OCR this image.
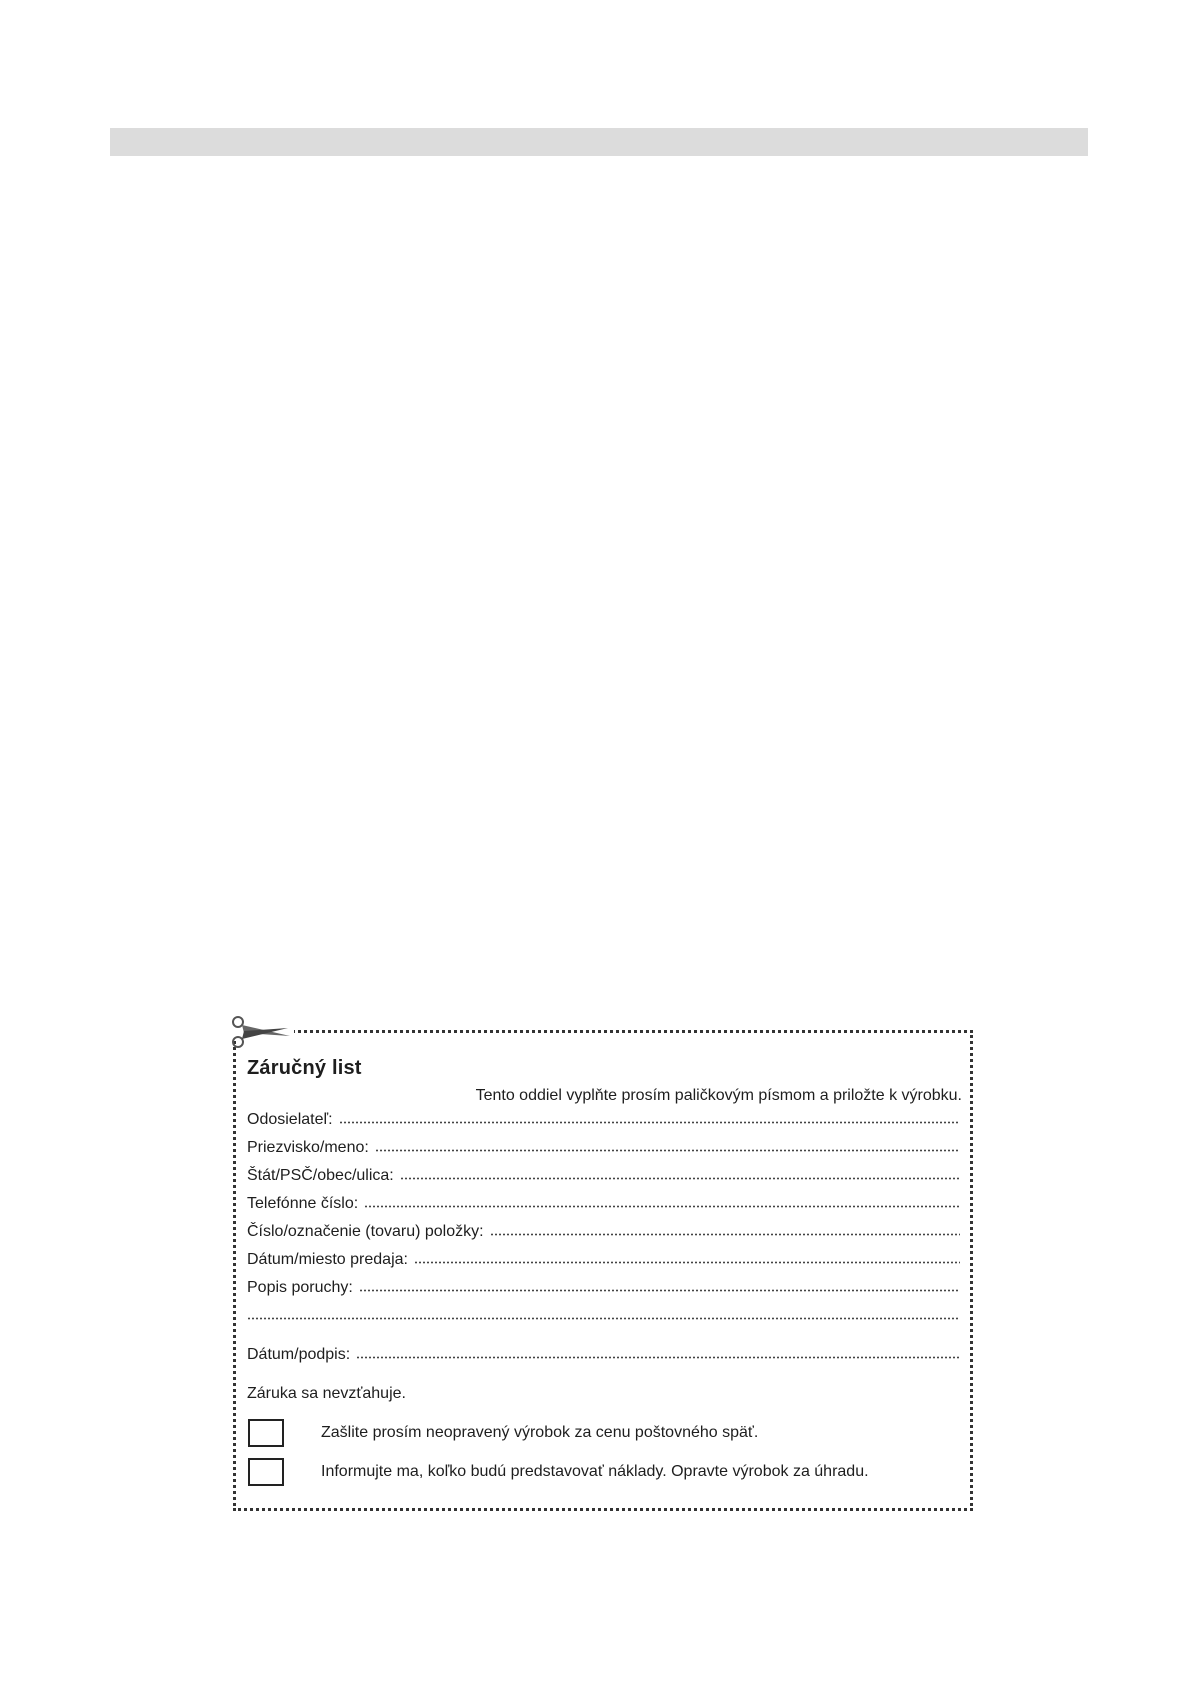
Záručný list
Tento oddiel vyplňte prosím paličkovým písmom a priložte k výrobku.
Odosielateľ:
Priezvisko/meno:
Štát/PSČ/obec/ulica:
Telefónne číslo:
Číslo/označenie (tovaru) položky:
Dátum/miesto predaja:
Popis poruchy:
Dátum/podpis:
Záruka sa nevzťahuje.
Zašlite prosím neopravený výrobok za cenu poštovného späť.
Informujte ma, koľko budú predstavovať náklady. Opravte výrobok za úhradu.
